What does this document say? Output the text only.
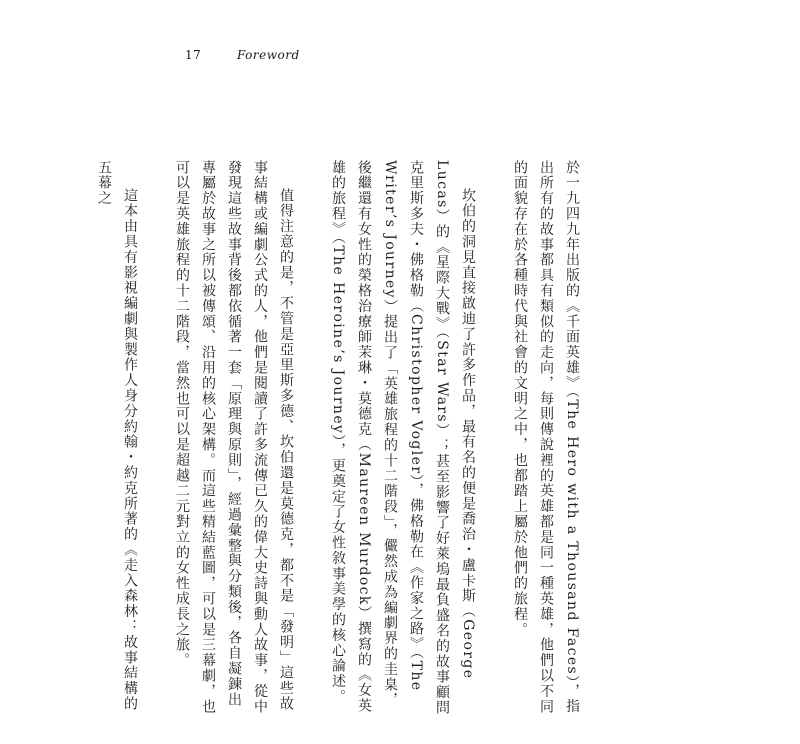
17	Foreword

於一九四九年出版的《千面英雄》（The Hero with a Thousand Faces），指出所有的故事都具有類似的走向，每則傳說裡的英雄都是同一種英雄，他們以不同的面貌存在於各種時代與社會的文明之中，也都踏上屬於他們的旅程。

坎伯的洞見直接啟迪了許多作品，最有名的便是喬治・盧卡斯（George Lucas）的《星際大戰》（Star Wars）；甚至影響了好萊塢最負盛名的故事顧問克里斯多夫・佛格勒（Christopher Vogler），佛格勒在《作家之路》（The Writer’s Journey）提出了「英雄旅程的十二階段」，儼然成為編劇界的圭臬，後繼還有女性的榮格治療師茉琳・莫德克（Maureen Murdock）撰寫的《女英雄的旅程》（The Heroine’s Journey），更奠定了女性敘事美學的核心論述。

值得注意的是，不管是亞里斯多德、坎伯還是莫德克，都不是「發明」這些故事結構或編劇公式的人，他們是閱讀了許多流傳已久的偉大史詩與動人故事，從中發現這些故事背後都依循著一套「原理與原則」，經過彙整與分類後，各自凝鍊出專屬於故事之所以被傳頌、沿用的核心架構。而這些精結藍圖，可以是三幕劇，也可以是英雄旅程的十二階段，當然也可以是超越二元對立的女性成長之旅。

這本由具有影視編劇與製作人身分約翰・約克所著的《走入森林：故事結構的五幕之
